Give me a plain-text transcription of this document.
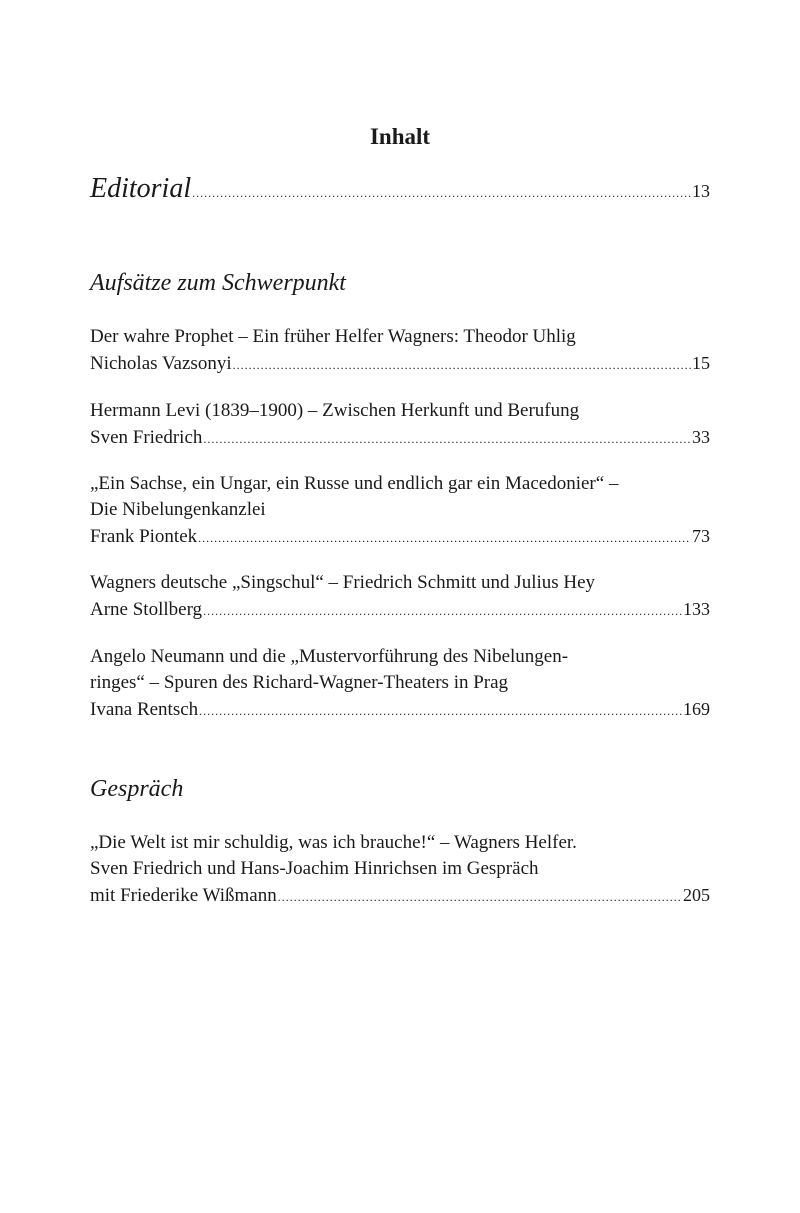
Inhalt
Editorial .....	13
Aufsätze zum Schwerpunkt
Der wahre Prophet – Ein früher Helfer Wagners: Theodor Uhlig
Nicholas Vazsonyi .....	15
Hermann Levi (1839–1900) – Zwischen Herkunft und Berufung
Sven Friedrich .....	33
„Ein Sachse, ein Ungar, ein Russe und endlich gar ein Macedonier“ –
Die Nibelungenkanzlei
Frank Piontek .....	73
Wagners deutsche „Singschul“ – Friedrich Schmitt und Julius Hey
Arne Stollberg .....	133
Angelo Neumann und die „Mustervorführung des Nibelungen-
ringes“ – Spuren des Richard-Wagner-Theaters in Prag
Ivana Rentsch .....	169
Gespräch
„Die Welt ist mir schuldig, was ich brauche!“ – Wagners Helfer.
Sven Friedrich und Hans-Joachim Hinrichsen im Gespräch
mit Friederike Wißmann .....	205
